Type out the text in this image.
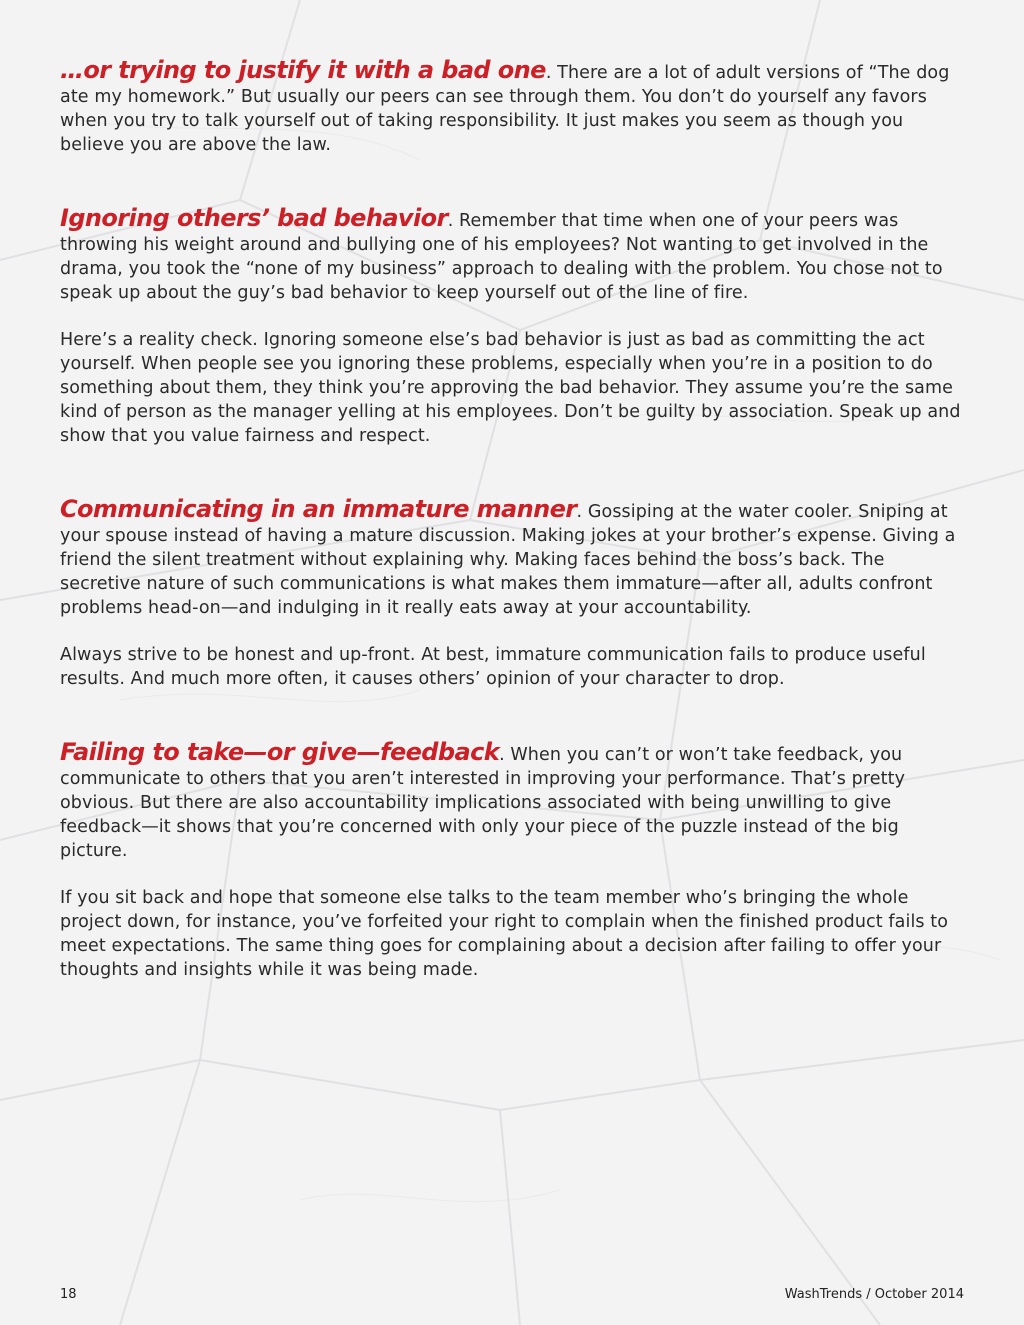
…or trying to justify it with a bad one. There are a lot of adult versions of “The dog ate my homework.” But usually our peers can see through them. You don’t do yourself any favors when you try to talk yourself out of taking responsibility. It just makes you seem as though you believe you are above the law.

Ignoring others’ bad behavior. Remember that time when one of your peers was throwing his weight around and bullying one of his employees? Not wanting to get involved in the drama, you took the “none of my business” approach to dealing with the problem. You chose not to speak up about the guy’s bad behavior to keep yourself out of the line of fire.

Here’s a reality check. Ignoring someone else’s bad behavior is just as bad as committing the act yourself. When people see you ignoring these problems, especially when you’re in a position to do something about them, they think you’re approving the bad behavior. They assume you’re the same kind of person as the manager yelling at his employees. Don’t be guilty by association. Speak up and show that you value fairness and respect.

Communicating in an immature manner. Gossiping at the water cooler. Sniping at your spouse instead of having a mature discussion. Making jokes at your brother’s expense. Giving a friend the silent treatment without explaining why. Making faces behind the boss’s back. The secretive nature of such communications is what makes them immature—after all, adults confront problems head-on—and indulging in it really eats away at your accountability.

Always strive to be honest and up-front. At best, immature communication fails to produce useful results. And much more often, it causes others’ opinion of your character to drop.

Failing to take—or give—feedback. When you can’t or won’t take feedback, you communicate to others that you aren’t interested in improving your performance. That’s pretty obvious. But there are also accountability implications associated with being unwilling to give feedback—it shows that you’re concerned with only your piece of the puzzle instead of the big picture.

If you sit back and hope that someone else talks to the team member who’s bringing the whole project down, for instance, you’ve forfeited your right to complain when the finished product fails to meet expectations. The same thing goes for complaining about a decision after failing to offer your thoughts and insights while it was being made.

18	WashTrends / October 2014
